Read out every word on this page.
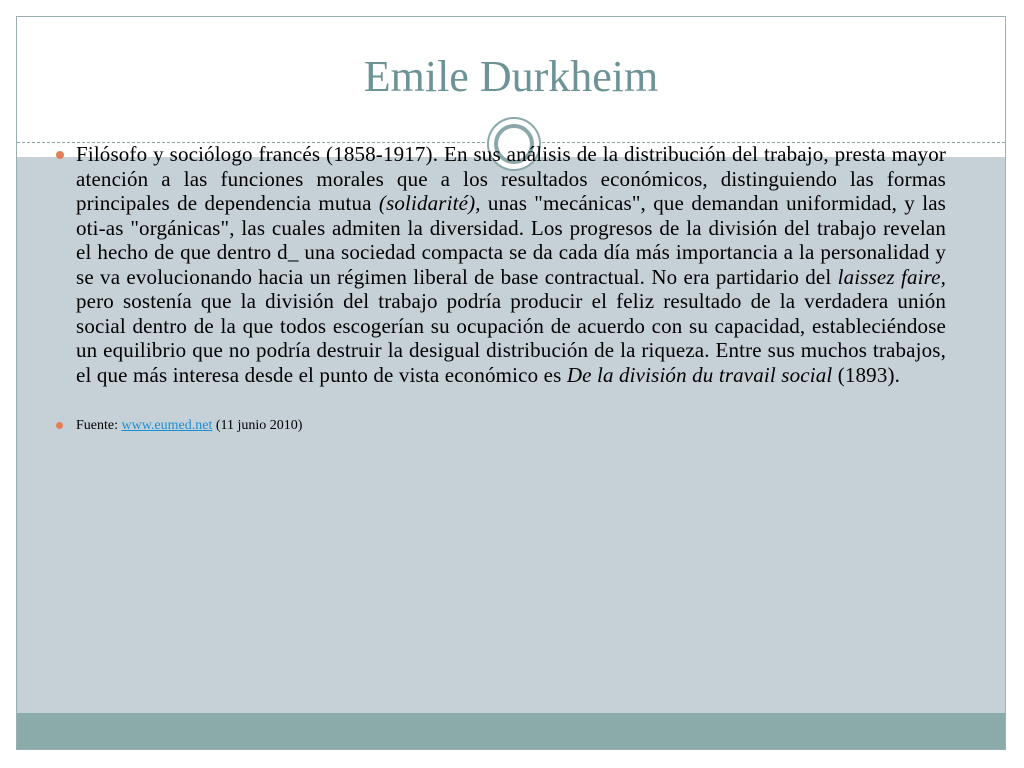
Emile Durkheim

Filósofo y sociólogo francés (1858-1917). En sus análisis de la distribución del trabajo, presta mayor atención a las funciones morales que a los resultados económicos, distinguiendo las formas principales de dependencia mutua (solidarité), unas "mecánicas", que demandan uniformidad, y las oti-as "orgánicas", las cuales admiten la diversidad. Los progresos de la división del trabajo revelan el hecho de que dentro d_ una sociedad compacta se da cada día más importancia a la personalidad y se va evolucionando hacia un régimen liberal de base contractual. No era partidario del laissez faire, pero sostenía que la división del trabajo podría producir el feliz resultado de la verdadera unión social dentro de la que todos escogerían su ocupación de acuerdo con su capacidad, estableciéndose un equilibrio que no podría destruir la desigual distribución de la riqueza. Entre sus muchos trabajos, el que más interesa desde el punto de vista económico es De la división du travail social (1893).

Fuente: www.eumed.net (11 junio 2010)
